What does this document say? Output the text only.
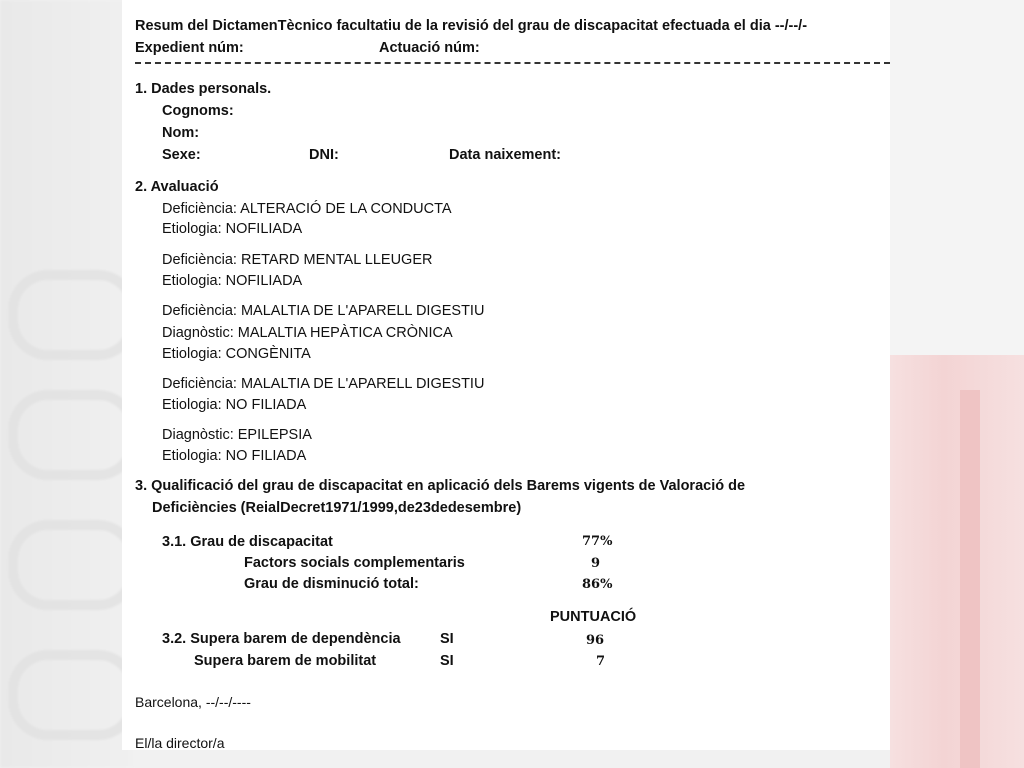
Resum del DictamenTècnico facultatiu de la revisió del grau de discapacitat efectuada el dia --/--/-
Expedient núm:	Actuació núm:
1. Dades personals.
Cognoms:
Nom:
Sexe:	DNI:	Data naixement:
2. Avaluació
Deficiència: ALTERACIÓ DE LA CONDUCTA
Etiologia: NOFILIADA
Deficiència: RETARD MENTAL LLEUGER
Etiologia: NOFILIADA
Deficiència: MALALTIA DE L'APARELL DIGESTIU
Diagnòstic: MALALTIA HEPÀTICA CRÒNICA
Etiologia: CONGÈNITA
Deficiència: MALALTIA DE L'APARELL DIGESTIU
Etiologia: NO FILIADA
Diagnòstic: EPILEPSIA
Etiologia: NO FILIADA
3. Qualificació del grau de discapacitat en aplicació dels Barems vigents de Valoració de
Deficiències (ReialDecret1971/1999,de23dedesembre)
3.1. Grau de discapacitat	77%
Factors socials complementaris	9
Grau de disminució total:	86%
PUNTUACIÓ
3.2. Supera barem de dependència	SI	96
Supera barem de mobilitat	SI	7
Barcelona, --/--/----
El/la director/a
